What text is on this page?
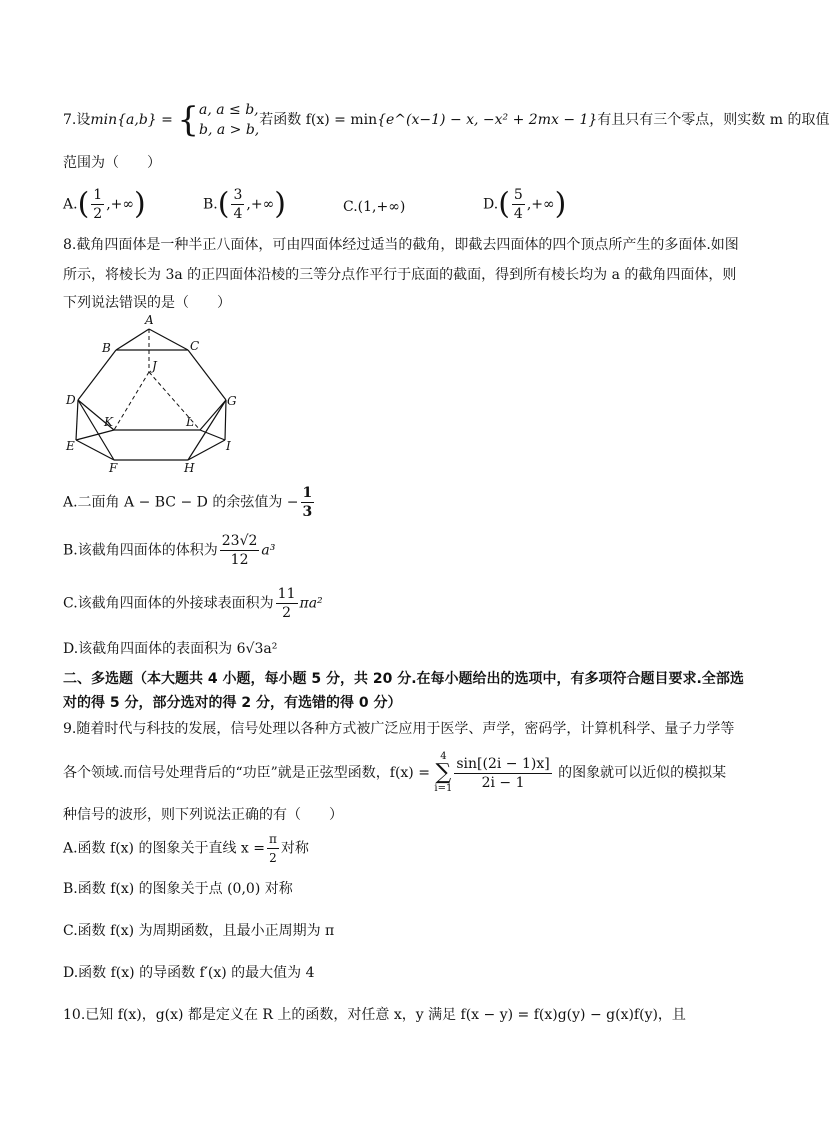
7.设min{a,b} = {a, a ≤ b,
b, a > b,若函数 f(x) = min{e^(x−1) − x, −x² + 2mx − 1}有且只有三个零点，则实数 m 的取值
范围为（　　）
$A.( \frac{1}{2}$ ,+∞)	$B.( \frac{3}{4}$ ,+∞)	C.(1,+∞)	$D.( \frac{5}{4}$ ,+∞)
8.截角四面体是一种半正八面体，可由四面体经过适当的截角，即截去四面体的四个顶点所产生的多面体.如图
所示，将棱长为 3a 的正四面体沿棱的三等分点作平行于底面的截面，得到所有棱长均为 a 的截角四面体，则
下列说法错误的是（　　）
A
B	C
D
E
F
G
H
I
J
K	L
A.二面角 A − BC − D 的余弦值为 − $\frac{1}{3}$
B.该截角四面体的体积为 $\frac{23√2}{12} a^3$
C.该截角四面体的外接球表面积为 $\frac{11}{2} \pi a^2$
D.该截角四面体的表面积为 6√3a²
二、多选题（本大题共 4 小题，每小题 5 分，共 20 分.在每小题给出的选项中，有多项符合题目要求.全部选
对的得 5 分，部分选对的得 2 分，有选错的得 0 分）
9.随着时代与科技的发展，信号处理以各种方式被广泛应用于医学、声学，密码学，计算机科学、量子力学等
各个领域.而信号处理背后的“功臣”就是正弦型函数，f(x) = 4
∑
$i=1 \frac{\sin[(2i - 1)x]}{2i - 1}$ 的图象就可以近似的模拟某
种信号的波形，则下列说法正确的有（　　）
A.函数 f(x) 的图象关于直线 $x = \frac{\pi}{2}$ 对称
B.函数 f(x) 的图象关于点 (0,0) 对称
C.函数 f(x) 为周期函数，且最小正周期为 π
D.函数 f(x) 的导函数 f′(x) 的最大值为 4
10.已知 f(x)，g(x) 都是定义在 R 上的函数，对任意 x，y 满足 f(x − y) = f(x)g(y) − g(x)f(y)，且
